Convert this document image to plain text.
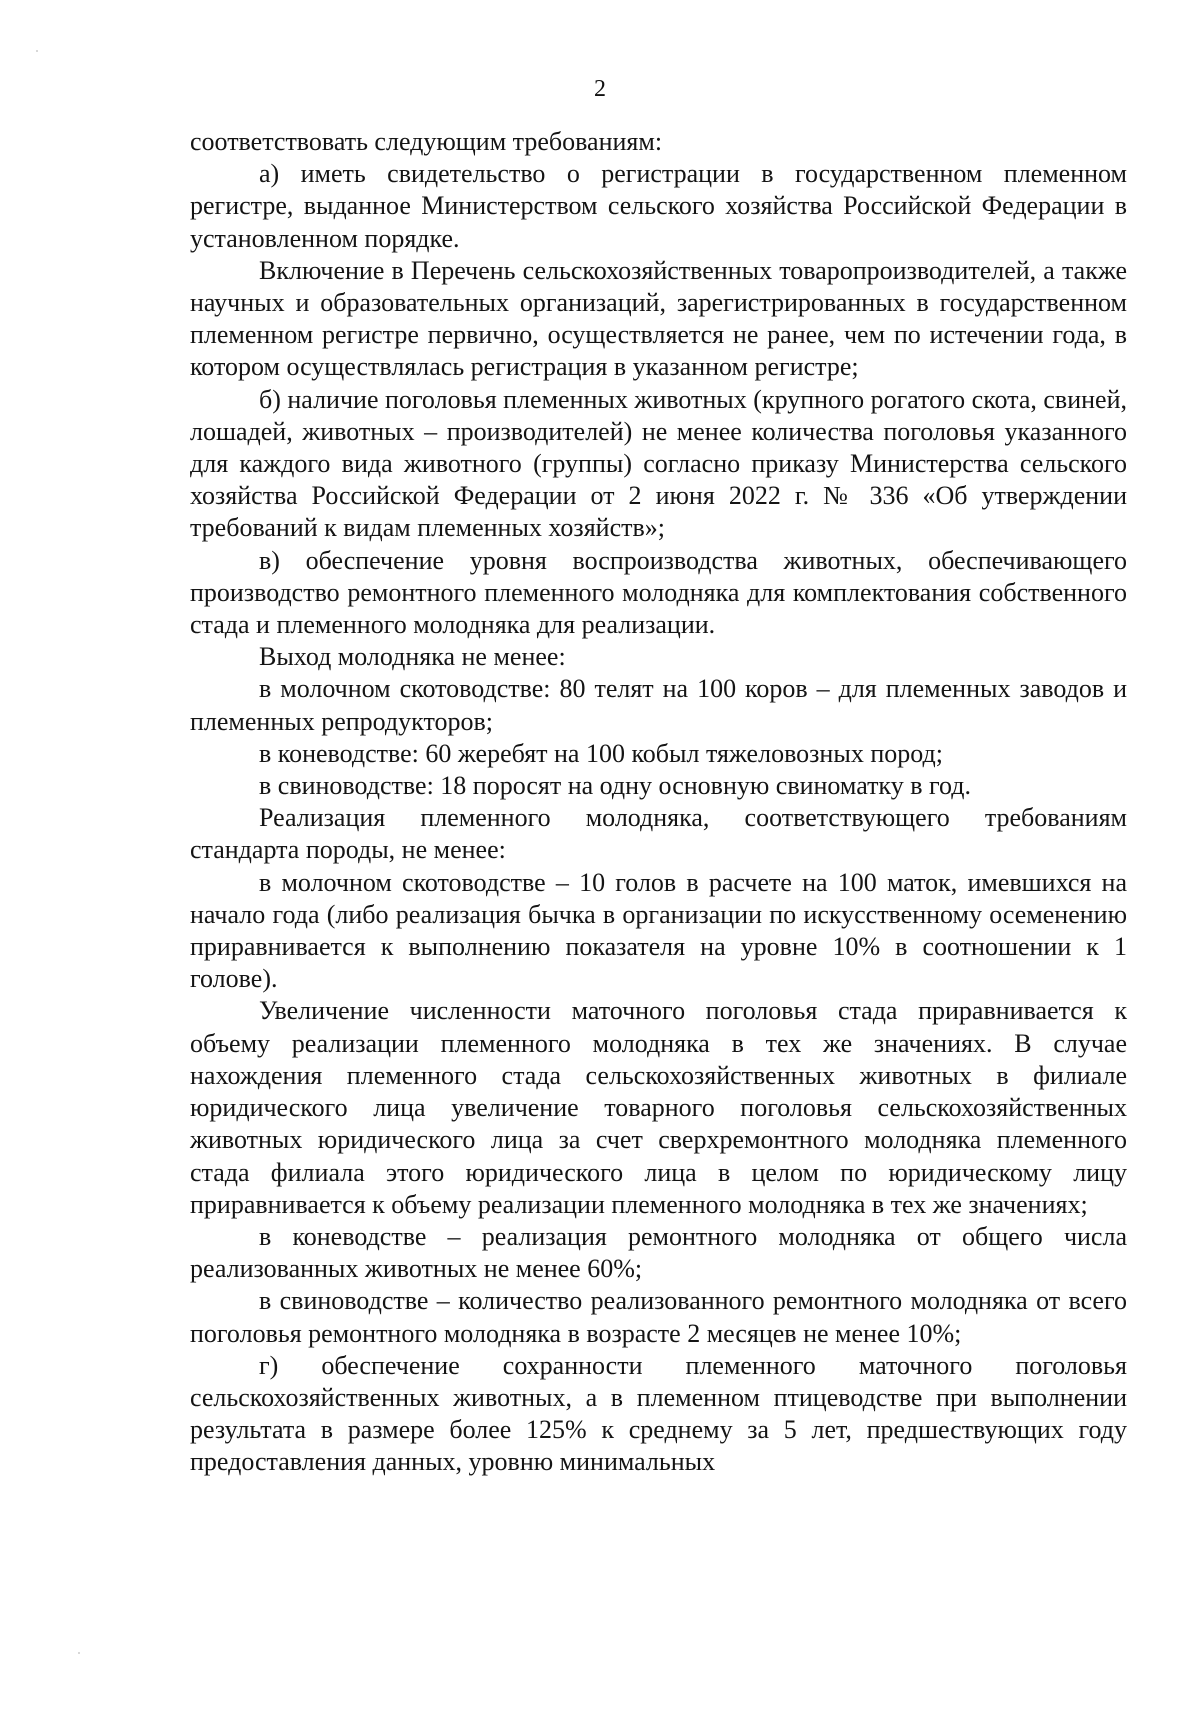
2

соответствовать следующим требованиям:

а) иметь свидетельство о регистрации в государственном племенном регистре, выданное Министерством сельского хозяйства Российской Федерации в установленном порядке.

Включение в Перечень сельскохозяйственных товаропроизводителей, а также научных и образовательных организаций, зарегистрированных в государственном племенном регистре первично, осуществляется не ранее, чем по истечении года, в котором осуществлялась регистрация в указанном регистре;

б) наличие поголовья племенных животных (крупного рогатого скота, свиней, лошадей, животных – производителей) не менее количества поголовья указанного для каждого вида животного (группы) согласно приказу Министерства сельского хозяйства Российской Федерации от 2 июня 2022 г. № 336 «Об утверждении требований к видам племенных хозяйств»;

в) обеспечение уровня воспроизводства животных, обеспечивающего производство ремонтного племенного молодняка для комплектования собственного стада и племенного молодняка для реализации.

Выход молодняка не менее:

в молочном скотоводстве: 80 телят на 100 коров – для племенных заводов и племенных репродукторов;

в коневодстве: 60 жеребят на 100 кобыл тяжеловозных пород;

в свиноводстве: 18 поросят на одну основную свиноматку в год.

Реализация племенного молодняка, соответствующего требованиям стандарта породы, не менее:

в молочном скотоводстве – 10 голов в расчете на 100 маток, имевшихся на начало года (либо реализация бычка в организации по искусственному осеменению приравнивается к выполнению показателя на уровне 10% в соотношении к 1 голове).

Увеличение численности маточного поголовья стада приравнивается к объему реализации племенного молодняка в тех же значениях. В случае нахождения племенного стада сельскохозяйственных животных в филиале юридического лица увеличение товарного поголовья сельскохозяйственных животных юридического лица за счет сверхремонтного молодняка племенного стада филиала этого юридического лица в целом по юридическому лицу приравнивается к объему реализации племенного молодняка в тех же значениях;

в коневодстве – реализация ремонтного молодняка от общего числа реализованных животных не менее 60%;

в свиноводстве – количество реализованного ремонтного молодняка от всего поголовья ремонтного молодняка в возрасте 2 месяцев не менее 10%;

г) обеспечение сохранности племенного маточного поголовья сельскохозяйственных животных, а в племенном птицеводстве при выполнении результата в размере более 125% к среднему за 5 лет, предшествующих году предоставления данных, уровню минимальных
